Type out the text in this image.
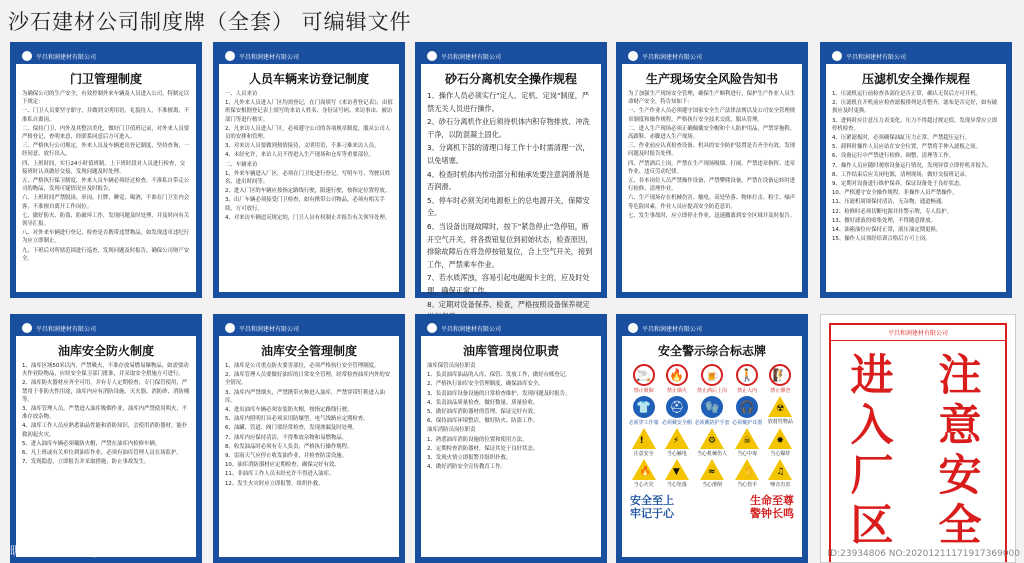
沙石建材公司制度牌（全套） 可编辑文件
平昌和润建材有限公司
门卫管理制度

为确保公司的生产安全，有效控制外来车辆及人员进入公司，特制定以下规定：

一、门卫人员要坚守职守，并做到文明用语，礼貌待人，不准擅离，不准私自离岗。

二、保持门卫、内外及其整洁美化，做好门卫值班记录，对外来人员要严格登记，查明来意，经联系同意后方可进入。

三、严格执行公司规定，外来人员及车辆进出登记制度，坚持查询，一经同意，放行出入。

四、上班时间，实行24小时值班制，上下班时段对人员进行检查，交接班时认真做好交接，发现问题及时处理。

五、严格执行保卫制度，外来人员车辆必须经过检查，不准私自带走公司的物品，发现可疑情况应及时报告。

六、上班时间严禁脱岗、串岗、打牌、睡觉、喝酒，不准在门卫室内会客，不准擅自离开工作岗位。

七、做好防火、防盗、防破坏工作，发现问题及时处理，并及时向有关领导汇报。

八、对外来车辆进行登记，检查是否携带违禁物品，如发现违章违纪行为应立即制止。

九、下班后对所辖范围进行巡查，发现问题及时报告，确保公司财产安全。

平昌和润建材有限公司
人员车辆来访登记制度

一、人员来访

1、凡外来人员进入厂区均需登记，在门岗填写《来访者登记表》，由值班保安根据登记表上填写的来访人姓名、身份证号码、来访事由、被访部门等进行核实。

2、凡来访人员进入厂区，必须遵守公司的各项规章制度，服从公司人员的安排和管理。

3、对来访人员要做到热情接待，文明用语，不准刁难来访人员。

4、未经允许，来访人员不得进入生产现场和仓库等重要部位。

二、车辆来访

1、外来车辆进入厂区，必须在门卫处进行登记，写明车号、驾驶员姓名、进出时间等。

2、进入厂区的车辆应按指定路线行驶，限速行驶，按指定位置停放。

3、出厂车辆必须接受门卫检查，如有携带公司物品，必须有相关手续，方可放行。

4、对来访车辆违反规定的，门卫人员有权制止并报告有关领导处理。

平昌和润建材有限公司
砂石分离机安全操作规程

1、操作人员必须实行"定人、定机、定岗"制度，严禁无关人员进行操作。

2、砂石分离机作业后须待机体内积存物排放、冲洗干净，以防混凝土固化。

3、分离机下部的清理口每工作十小时需清理一次，以免堵塞。

4、检查时机体内传动部分和轴承处要注意润滑剂是否润滑。

5、停车时必须关闭电源柜上的总电源开关，保障安全。

6、当设备出现故障时，按下"紧急停止"急停钮，断开空气开关，将各拨钮复位到初始状态，检查原因，排除故障后在将急停按钮复位，合上空气开关，接到工作，严禁乘车作业。

7、若水质浑浊，容易引起电磁阀卡主的，应及时处理，确保正常工作。

8、定期对设备保养、检查，严格按照设备保养规定

平昌和润建材有限公司
生产现场安全风险告知书

为了加强生产现场安全管理，确保生产顺利进行，保护生产作业人员生命财产安全，特告知如下：

一、生产作业人员必须遵守国家安全生产法律法规以及公司安全管理规章制度和操作规程，严格执行安全技术交底，服从管理。

二、进入生产现场必须正确佩戴安全帽和个人防护用品，严禁穿拖鞋、高跟鞋、赤脚进入生产现场。

三、作业前应认真检查设备、机具的安全防护装置是否齐全有效，发现问题及时报告处理。

四、严禁酒后上岗，严禁在生产现场吸烟、打闹，严禁违章指挥、违章作业、违反劳动纪律。

五、非本岗位人员严禁操作设备，严禁攀爬设备，严禁在设备运转时进行检修、清理作业。

六、生产现场存在机械伤害、触电、高处坠落、物体打击、粉尘、噪声等危险因素，作业人员应提高安全防范意识。

七、发生事故时，应立即停止作业，迅速撤离到安全区域并及时报告。

平昌和润建材有限公司
压滤机安全操作规程

1、压滤机运行前检查各部位是否正常，确认无误后方可开机。

2、压滤机在开机前应检查滤板排列是否整齐，滤布是否完好，如有破损应及时更换。

3、进料时应注意压力表变化，压力不得超过规定值，发现异常应立即停机检查。

4、压紧滤板时，必须确保油缸压力正常，严禁超压运行。

5、卸料时操作人员应站在安全位置，严禁将手伸入滤板之间。

6、设备运行中严禁进行检修、调整、清理等工作。

7、操作人员应随时观察设备运行情况，发现异常立即停机并报告。

8、工作结束后应关闭电源，清理现场，做好交接班记录。

9、定期对设备进行维护保养，保证设备处于良好状态。

10、严格遵守安全操作规程，非操作人员严禁操作。

11、压滤机周围保持清洁，无杂物，通道畅通。

12、检修时必须切断电源并挂警示牌，专人监护。

13、做好滤液的收集处理，不得随意排放。

14、油箱油位应保持正常，液压油定期更换。

15、操作人员须经培训合格后方可上岗。

平昌和润建材有限公司
油库安全防火制度

1、油库区域50米以内，严禁吸火，不准存放易燃易爆物品，如需要动火作业险物品，应经安全保卫部门批准，并采取安全措施方可进行。

2、油库防火器材应齐全可用，并有专人定期检查，专门保管使用，严禁用于非防火性用途，油库内应有消防设施、灭火器、消防砂、消防桶等。

3、油库管理人员，严禁进入油库吸烟作业，油库内严禁使用明火，不准存放杂物。

4、油库工作人员应熟悉油品性能和消防知识，会使用消防器材，能扑救初起火灾。

5、进入油库车辆必须戴防火帽，严禁在油库内检修车辆。

6、凡上班或有关单位到油库作业，必须有油库管理人员在场监护。

7、发现隐患，立即报告并采取措施，防止事故发生。

平昌和润建材有限公司
油库安全管理制度

1、油库是公司重点防火要害部位，必须严格执行安全管理制度。

2、油库管理人员要做好油库的日常安全管理，经常检查油库内外的安全情况。

3、油库内严禁烟火，严禁携带火种进入油库，严禁穿带钉鞋进入油库。

4、进出油库车辆必须安装防火帽，按指定路线行驶。

5、油库内照明灯具必须采用防爆型，电气线路应定期检查。

6、油罐、管道、阀门要经常检查，发现渗漏及时处理。

7、油库内应保持清洁，不得堆放杂物和易燃物品。

8、收发油品时必须有专人负责，严格执行操作规程。

9、雷雨天气应停止收发油作业，并检查防雷设施。

10、油库消防器材应定期检查，确保完好有效。

11、非油库工作人员未经允许不得进入油库。

12、发生火灾时应立即报警，组织扑救。

平昌和润建材有限公司
油库管理岗位职责

油库保管员岗位职责

1、负责油库油品的入库、保管、发放工作，做好台账登记。

2、严格执行油库安全管理制度，确保油库安全。

3、负责油库设备设施的日常检查维护，发现问题及时报告。

4、负责油品质量检查，做好数量、质量验收。

5、做好油库消防器材的管理，保证完好有效。

6、保持油库环境整洁，做好防火、防盗工作。

油库消防员岗位职责

1、熟悉油库消防设施的位置和使用方法。

2、定期检查消防器材，保证其处于良好状态。

3、发现火情立即报警并组织扑救。

4、做好消防安全宣传教育工作。

平昌和润建材有限公司
安全警示综合标志牌
🚬
禁止吸烟
🔥
禁止烟火
🍺
禁止酒后上岗
🚶
禁止入内
🧗
禁止攀登
👕
必须穿工作服
⛑
必须戴安全帽
🧤
必须戴防护手套
🎧
必须戴护耳器
☢
放射性物品
!
注意安全
⚡
当心触电
⚙
当心机械伤人
☠
当心中毒
✸
当心爆炸
🔥
当心火灾
▼
当心坠落
≈
当心滑倒
✋
当心伤手
♫
噪音有害
安全至上
牢记于心
生命至尊
警钟长鸣
平昌和润建材有限公司
进
入
厂
区
注
意
安
全
昵图网 www.nipic.com	ID:23934806 NO:20201211171917369000
